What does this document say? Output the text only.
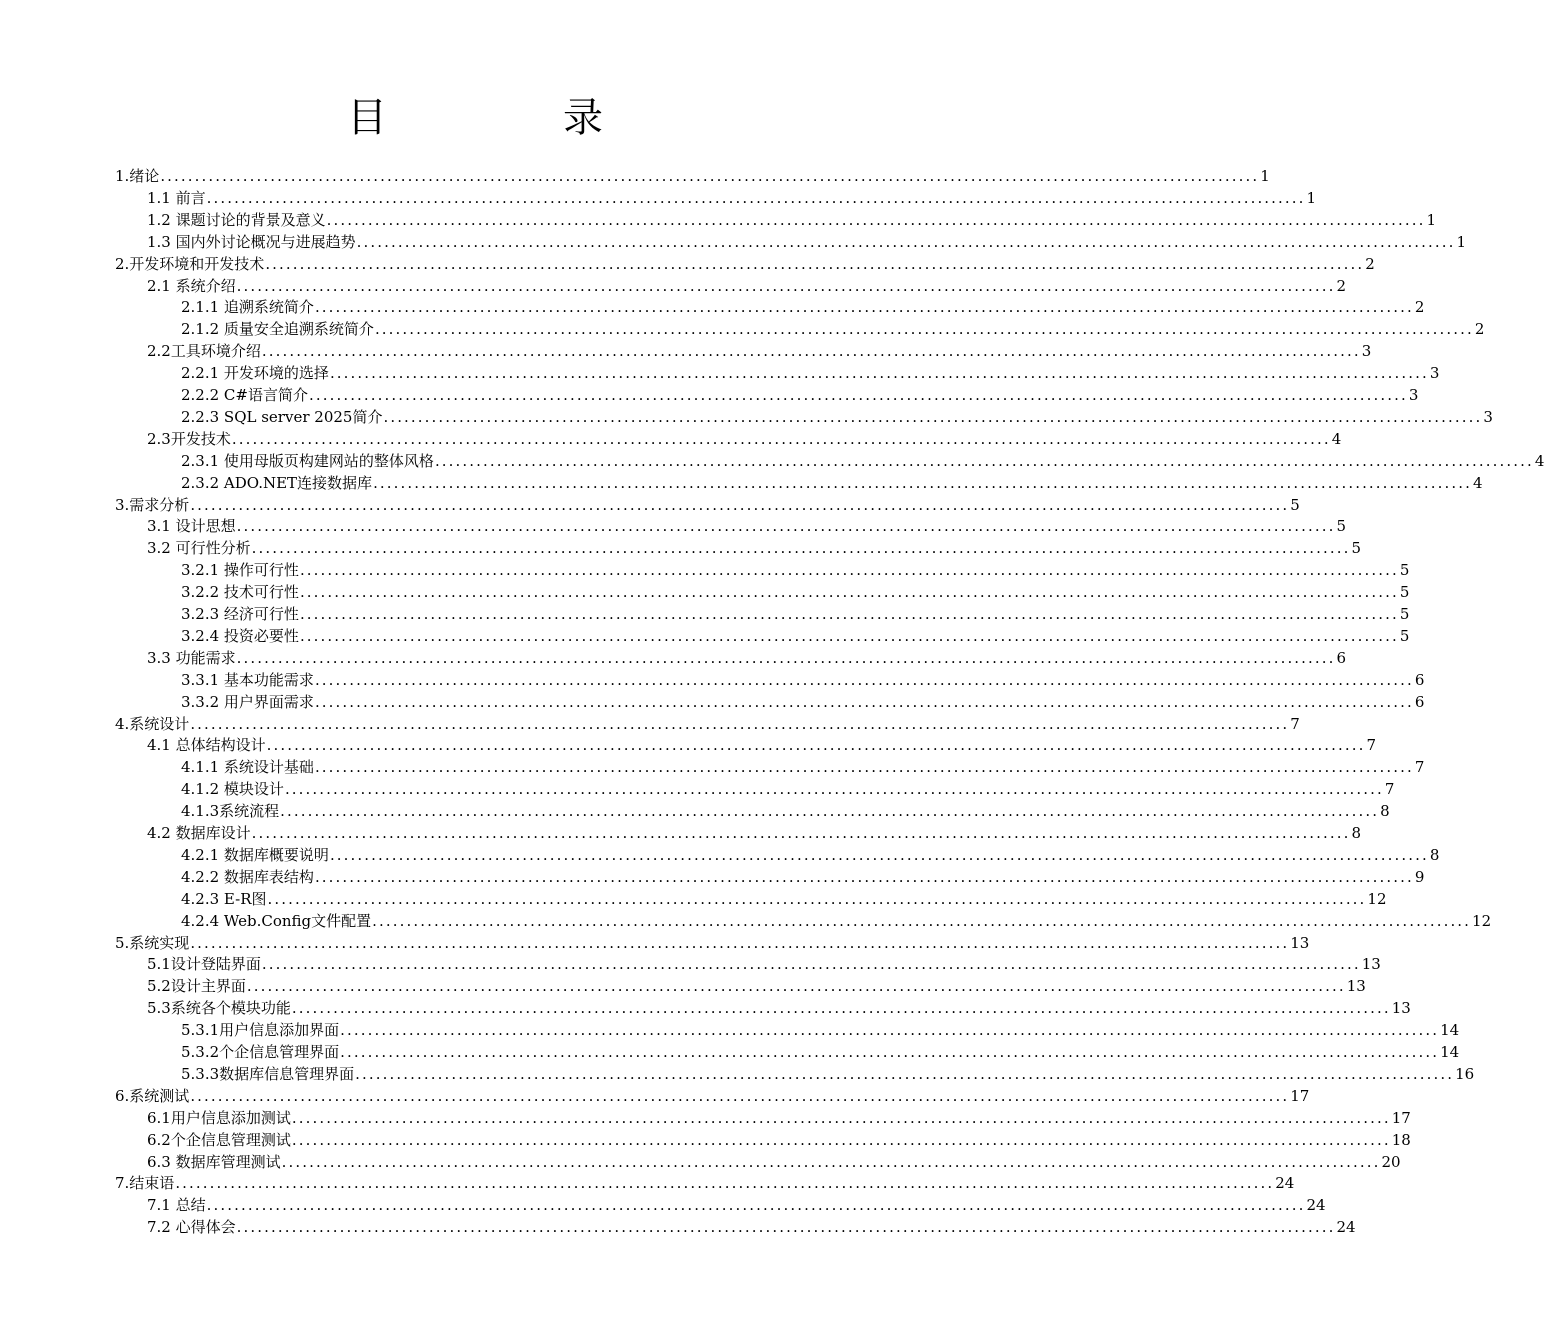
目　录
1.绪论 ................................................................................................................................................................ 1
1.1 前言 ................................................................................................................................................................ 1
1.2 课题讨论的背景及意义 ................................................................................................................................................................ 1
1.3 国内外讨论概况与进展趋势 ................................................................................................................................................................ 1
2.开发环境和开发技术 ................................................................................................................................................................ 2
2.1 系统介绍 ................................................................................................................................................................ 2
2.1.1 追溯系统简介 ................................................................................................................................................................ 2
2.1.2 质量安全追溯系统简介 ................................................................................................................................................................ 2
2.2工具环境介绍 ................................................................................................................................................................ 3
2.2.1 开发环境的选择 ................................................................................................................................................................ 3
2.2.2 C#语言简介 ................................................................................................................................................................ 3
2.2.3 SQL server 2025简介 ................................................................................................................................................................ 3
2.3开发技术 ................................................................................................................................................................ 4
2.3.1 使用母版页构建网站的整体风格 ................................................................................................................................................................ 4
2.3.2 ADO.NET连接数据库 ................................................................................................................................................................ 4
3.需求分析 ................................................................................................................................................................ 5
3.1 设计思想 ................................................................................................................................................................ 5
3.2 可行性分析 ................................................................................................................................................................ 5
3.2.1 操作可行性 ................................................................................................................................................................ 5
3.2.2 技术可行性 ................................................................................................................................................................ 5
3.2.3 经济可行性 ................................................................................................................................................................ 5
3.2.4 投资必要性 ................................................................................................................................................................ 5
3.3 功能需求 ................................................................................................................................................................ 6
3.3.1 基本功能需求 ................................................................................................................................................................ 6
3.3.2 用户界面需求 ................................................................................................................................................................ 6
4.系统设计 ................................................................................................................................................................ 7
4.1 总体结构设计 ................................................................................................................................................................ 7
4.1.1 系统设计基础 ................................................................................................................................................................ 7
4.1.2 模块设计 ................................................................................................................................................................ 7
4.1.3系统流程 ................................................................................................................................................................ 8
4.2 数据库设计 ................................................................................................................................................................ 8
4.2.1 数据库概要说明 ................................................................................................................................................................ 8
4.2.2 数据库表结构 ................................................................................................................................................................ 9
4.2.3 E-R图 ................................................................................................................................................................ 12
4.2.4 Web.Config文件配置 ................................................................................................................................................................ 12
5.系统实现 ................................................................................................................................................................ 13
5.1设计登陆界面 ................................................................................................................................................................ 13
5.2设计主界面 ................................................................................................................................................................ 13
5.3系统各个模块功能 ................................................................................................................................................................ 13
5.3.1用户信息添加界面 ................................................................................................................................................................ 14
5.3.2个企信息管理界面 ................................................................................................................................................................ 14
5.3.3数据库信息管理界面 ................................................................................................................................................................ 16
6.系统测试 ................................................................................................................................................................ 17
6.1用户信息添加测试 ................................................................................................................................................................ 17
6.2个企信息管理测试 ................................................................................................................................................................ 18
6.3 数据库管理测试 ................................................................................................................................................................ 20
7.结束语 ................................................................................................................................................................ 24
7.1 总结 ................................................................................................................................................................ 24
7.2 心得体会 ................................................................................................................................................................ 24
